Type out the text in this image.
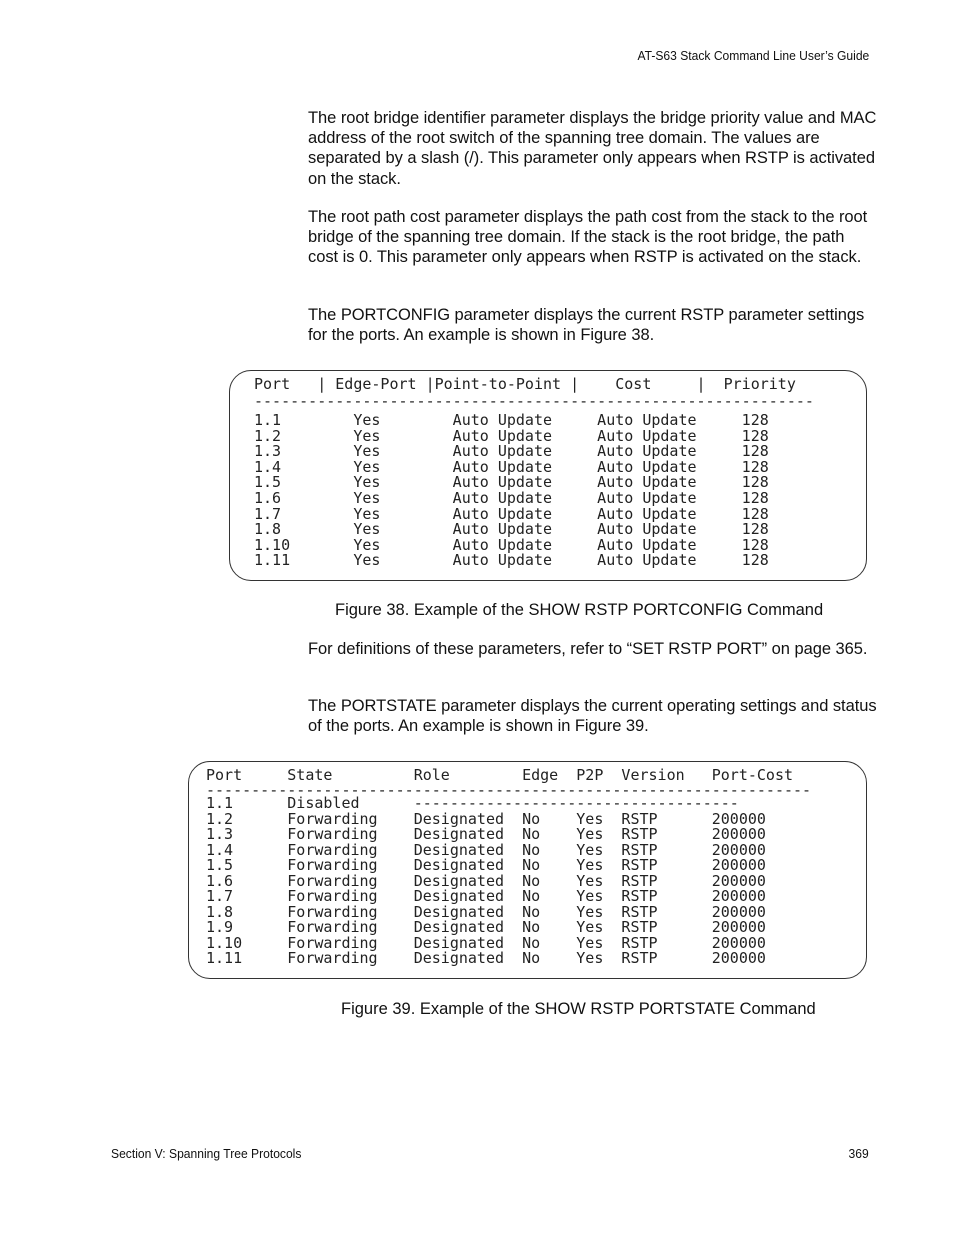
AT-S63 Stack Command Line User’s Guide

The root bridge identifier parameter displays the bridge priority value and MAC address of the root switch of the spanning tree domain. The values are separated by a slash (/). This parameter only appears when RSTP is activated on the stack.

The root path cost parameter displays the path cost from the stack to the root bridge of the spanning tree domain. If the stack is the root bridge, the path cost is 0. This parameter only appears when RSTP is activated on the stack.

The PORTCONFIG parameter displays the current RSTP parameter settings for the ports. An example is shown in Figure 38.

Port   | Edge-Port |Point-to-Point |    Cost     |  Priority
--------------------------------------------------------------
1.1        Yes        Auto Update     Auto Update     128
1.2        Yes        Auto Update     Auto Update     128
1.3        Yes        Auto Update     Auto Update     128
1.4        Yes        Auto Update     Auto Update     128
1.5        Yes        Auto Update     Auto Update     128
1.6        Yes        Auto Update     Auto Update     128
1.7        Yes        Auto Update     Auto Update     128
1.8        Yes        Auto Update     Auto Update     128
1.10       Yes        Auto Update     Auto Update     128
1.11       Yes        Auto Update     Auto Update     128

Figure 38. Example of the SHOW RSTP PORTCONFIG Command

For definitions of these parameters, refer to “SET RSTP PORT” on page 365.

The PORTSTATE parameter displays the current operating settings and status of the ports. An example is shown in Figure 39.

Port     State         Role        Edge  P2P  Version   Port-Cost
-------------------------------------------------------------------
1.1      Disabled      ------------------------------------
1.2      Forwarding    Designated  No    Yes  RSTP      200000
1.3      Forwarding    Designated  No    Yes  RSTP      200000
1.4      Forwarding    Designated  No    Yes  RSTP      200000
1.5      Forwarding    Designated  No    Yes  RSTP      200000
1.6      Forwarding    Designated  No    Yes  RSTP      200000
1.7      Forwarding    Designated  No    Yes  RSTP      200000
1.8      Forwarding    Designated  No    Yes  RSTP      200000
1.9      Forwarding    Designated  No    Yes  RSTP      200000
1.10     Forwarding    Designated  No    Yes  RSTP      200000
1.11     Forwarding    Designated  No    Yes  RSTP      200000

Figure 39. Example of the SHOW RSTP PORTSTATE Command

Section V: Spanning Tree Protocols	369
